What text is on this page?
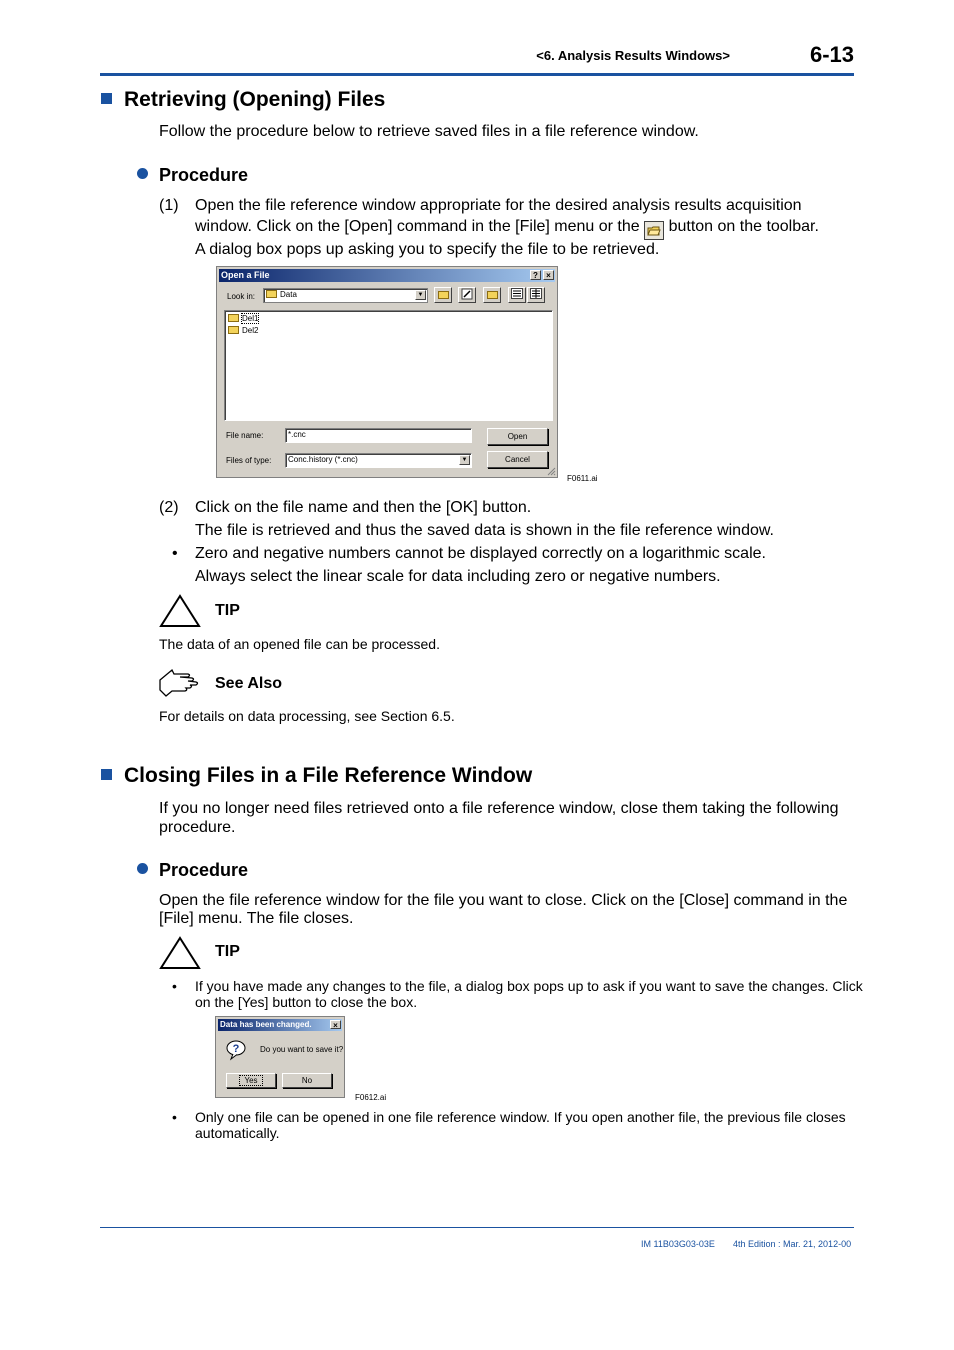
<6. Analysis Results Windows>	6-13
Retrieving (Opening) Files
Follow the procedure below to retrieve saved files in a file reference window.
Procedure
(1) Open the file reference window appropriate for the desired analysis results acquisition
window. Click on the [Open] command in the [File] menu or the button on the toolbar.
A dialog box pops up asking you to specify the file to be retrieved.
Open a File	?	×
Look in:	Data	▼
Del1
Del2
File name:	*.cnc	Open
Files of type:	Conc.history (*.cnc)	▼	Cancel
F0611.ai
(2) Click on the file name and then the [OK] button.
The file is retrieved and thus the saved data is shown in the file reference window.
• Zero and negative numbers cannot be displayed correctly on a logarithmic scale.
Always select the linear scale for data including zero or negative numbers.
TIP
The data of an opened file can be processed.
See Also
For details on data processing, see Section 6.5.
Closing Files in a File Reference Window
If you no longer need files retrieved onto a file reference window, close them taking the following
procedure.
Procedure
Open the file reference window for the file you want to close. Click on the [Close] command in the
[File] menu. The file closes.
TIP
• If you have made any changes to the file, a dialog box pops up to ask if you want to save the changes. Click
on the [Yes] button to close the box.
Data has been changed.	×
?	Do you want to save it?
Yes	No
F0612.ai
• Only one file can be opened in one file reference window. If you open another file, the previous file closes
automatically.
IM 11B03G03-03E 4th Edition : Mar. 21, 2012-00
